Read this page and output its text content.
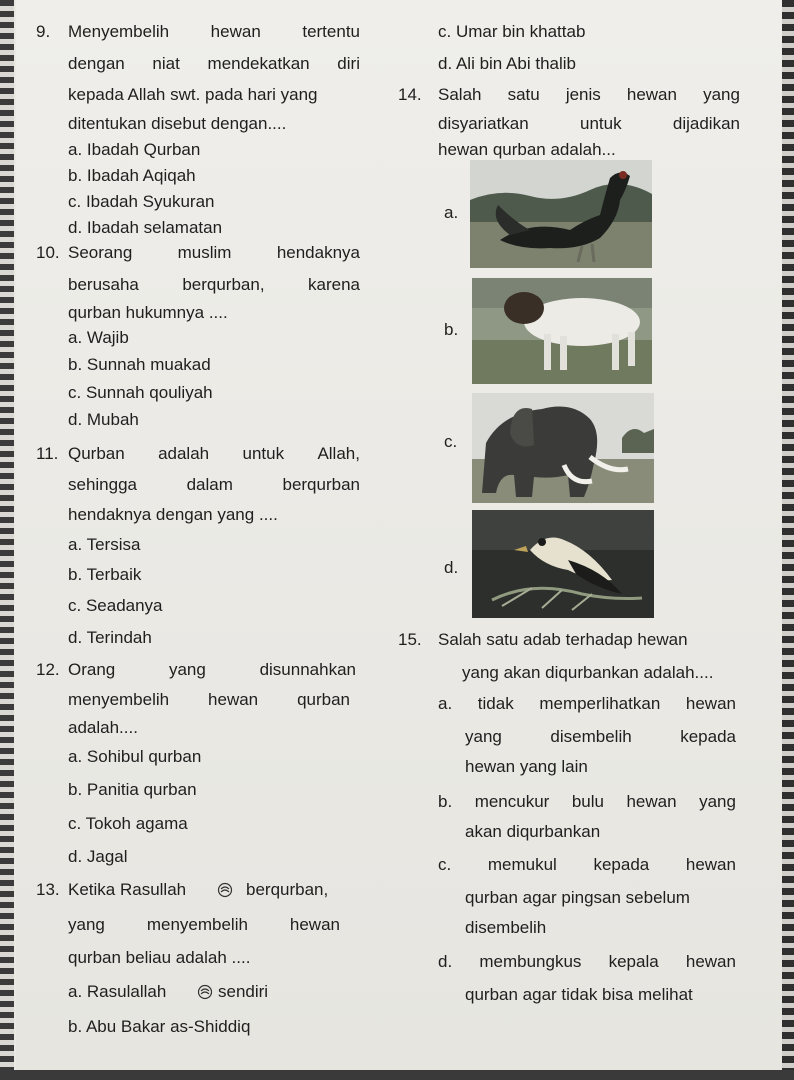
9. Menyembelih hewan tertentu
dengan niat mendekatkan diri
kepada Allah swt. pada hari yang
ditentukan disebut dengan....
a. Ibadah Qurban
b. Ibadah Aqiqah
c. Ibadah Syukuran
d. Ibadah selamatan
10. Seorang	muslim	hendaknya
berusaha	berqurban,	karena
qurban hukumnya ....
a. Wajib
b. Sunnah muakad
c. Sunnah qouliyah
d. Mubah
11. Qurban adalah untuk Allah,
sehingga	dalam	berqurban
hendaknya dengan yang ....
a. Tersisa
b. Terbaik
c. Seadanya
d. Terindah
12. Orang	yang	disunnahkan
menyembelih hewan qurban
adalah....
a. Sohibul qurban
b. Panitia qurban
c. Tokoh agama
d. Jagal
13. Ketika Rasullah	berqurban,
yang menyembelih hewan
qurban beliau adalah ....
a. Rasulallah	sendiri
b. Abu Bakar as-Shiddiq
c. Umar bin khattab
d. Ali bin Abi thalib
14. Salah satu jenis hewan yang
disyariatkan	untuk	dijadikan
hewan qurban adalah...
a.
b.
c.
d.
15. Salah satu adab terhadap hewan
yang akan diqurbankan adalah....
a. tidak memperlihatkan hewan
yang	disembelih	kepada
hewan yang lain
b. mencukur bulu hewan yang
akan diqurbankan
c. memukul kepada hewan
qurban agar pingsan sebelum
disembelih
d. membungkus kepala hewan
qurban agar tidak bisa melihat
